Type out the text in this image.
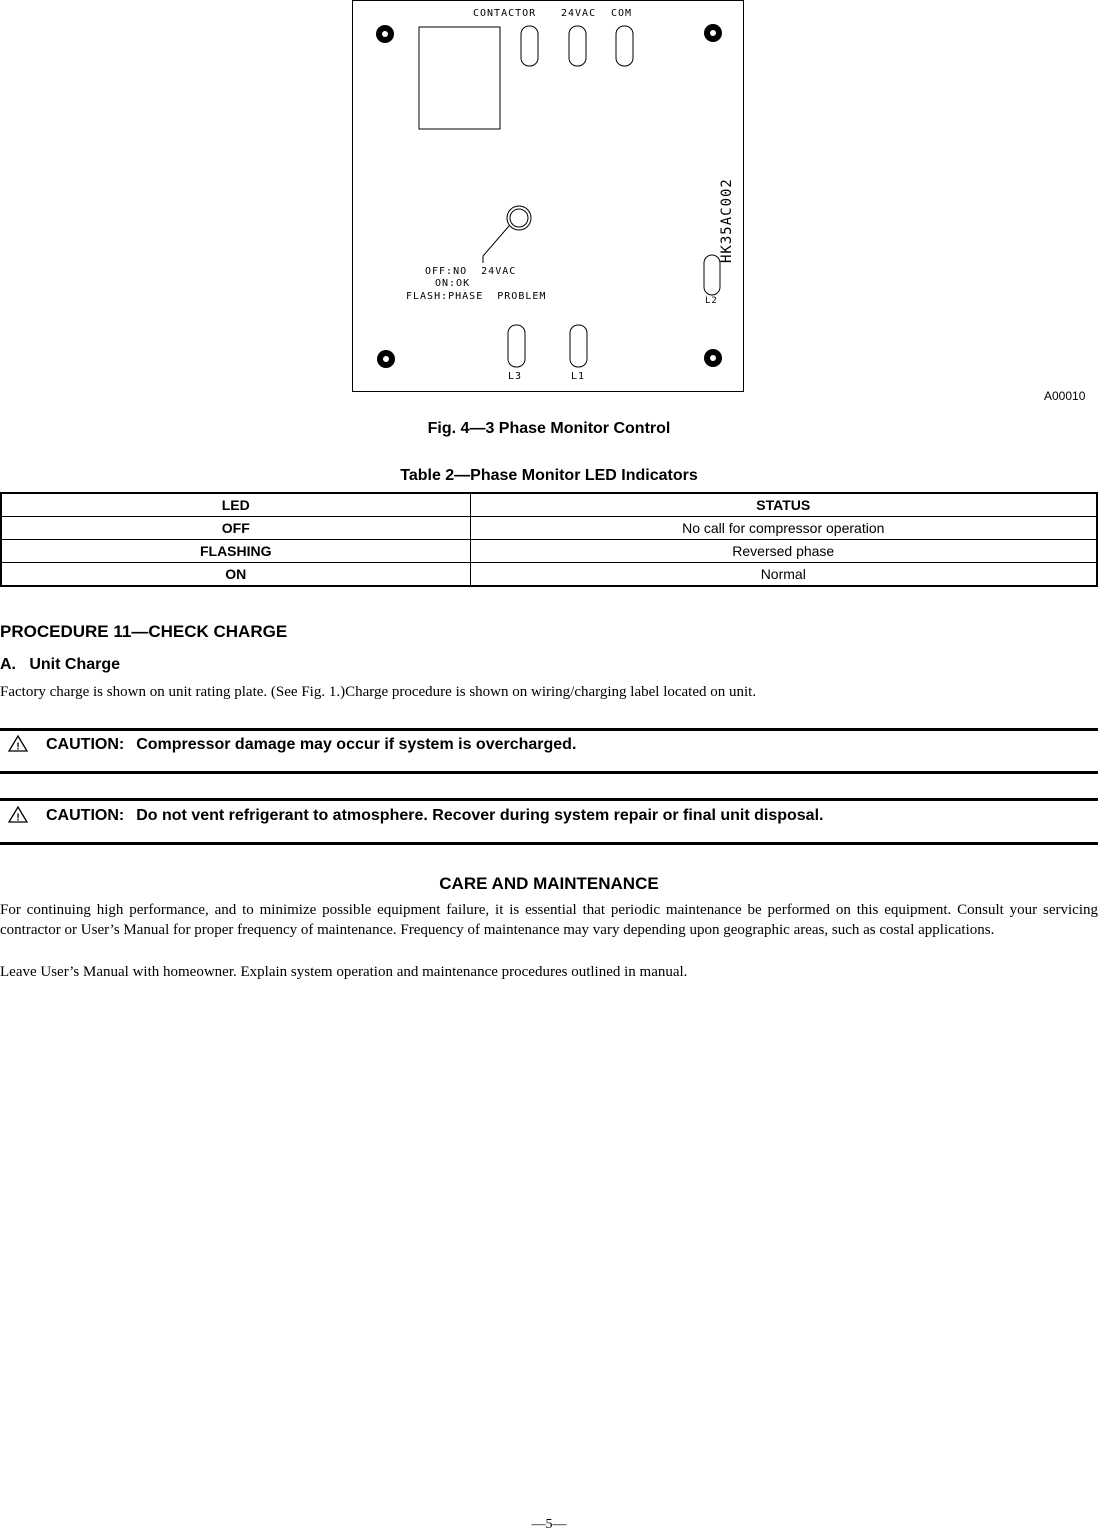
CONTACTOR 24VAC COM
HK35AC002
OFF:NO  24VAC
ON:OK
FLASH:PHASE  PROBLEM	L2
L3	L1
A00010
Fig. 4—3 Phase Monitor Control
Table 2—Phase Monitor LED Indicators
LED	STATUS
OFF	No call for compressor operation
FLASHING	Reversed phase
ON	Normal
PROCEDURE 11—CHECK CHARGE
A.   Unit Charge
Factory charge is shown on unit rating plate. (See Fig. 1.)Charge procedure is shown on wiring/charging label located on unit.
! CAUTION: Compressor damage may occur if system is overcharged.
! CAUTION: Do not vent refrigerant to atmosphere. Recover during system repair or final unit disposal.
CARE AND MAINTENANCE
For continuing high performance, and to minimize possible equipment failure, it is essential that periodic maintenance be performed on this equipment. Consult your servicing contractor or User’s Manual for proper frequency of maintenance. Frequency of maintenance may vary depending upon geographic areas, such as costal applications.
Leave User’s Manual with homeowner. Explain system operation and maintenance procedures outlined in manual.
—5—
